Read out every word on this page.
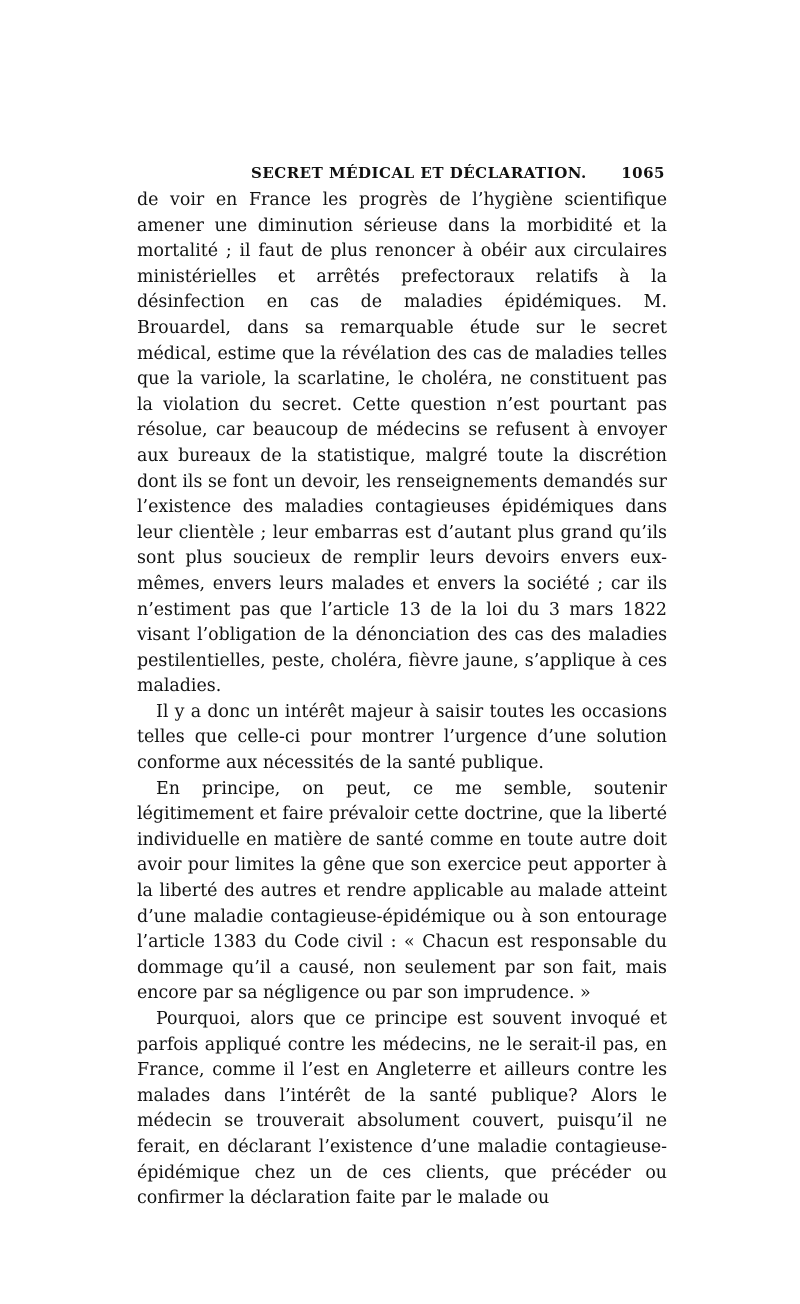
SECRET MÉDICAL ET DÉCLARATION. 1065

de voir en France les progrès de l’hygiène scientifique amener une diminution sérieuse dans la morbidité et la mortalité ; il faut de plus renoncer à obéir aux circulaires ministérielles et arrêtés prefectoraux relatifs à la désinfection en cas de maladies épidémiques. M. Brouardel, dans sa remarquable étude sur le secret médical, estime que la révélation des cas de maladies telles que la variole, la scarlatine, le choléra, ne constituent pas la violation du secret. Cette question n’est pourtant pas résolue, car beaucoup de médecins se refusent à envoyer aux bureaux de la statistique, malgré toute la discrétion dont ils se font un devoir, les renseignements demandés sur l’existence des maladies contagieuses épidémiques dans leur clientèle ; leur embarras est d’autant plus grand qu’ils sont plus soucieux de remplir leurs devoirs envers eux-mêmes, envers leurs malades et envers la société ; car ils n’estiment pas que l’article 13 de la loi du 3 mars 1822 visant l’obligation de la dénonciation des cas des maladies pestilentielles, peste, choléra, fièvre jaune, s’applique à ces maladies.

Il y a donc un intérêt majeur à saisir toutes les occasions telles que celle-ci pour montrer l’urgence d’une solution conforme aux nécessités de la santé publique.

En principe, on peut, ce me semble, soutenir légitimement et faire prévaloir cette doctrine, que la liberté individuelle en matière de santé comme en toute autre doit avoir pour limites la gêne que son exercice peut apporter à la liberté des autres et rendre applicable au malade atteint d’une maladie contagieuse-épidémique ou à son entourage l’article 1383 du Code civil : « Chacun est responsable du dommage qu’il a causé, non seulement par son fait, mais encore par sa négligence ou par son imprudence. »

Pourquoi, alors que ce principe est souvent invoqué et parfois appliqué contre les médecins, ne le serait-il pas, en France, comme il l’est en Angleterre et ailleurs contre les malades dans l’intérêt de la santé publique? Alors le médecin se trouverait absolument couvert, puisqu’il ne ferait, en déclarant l’existence d’une maladie contagieuse-épidémique chez un de ces clients, que précéder ou confirmer la déclaration faite par le malade ou
